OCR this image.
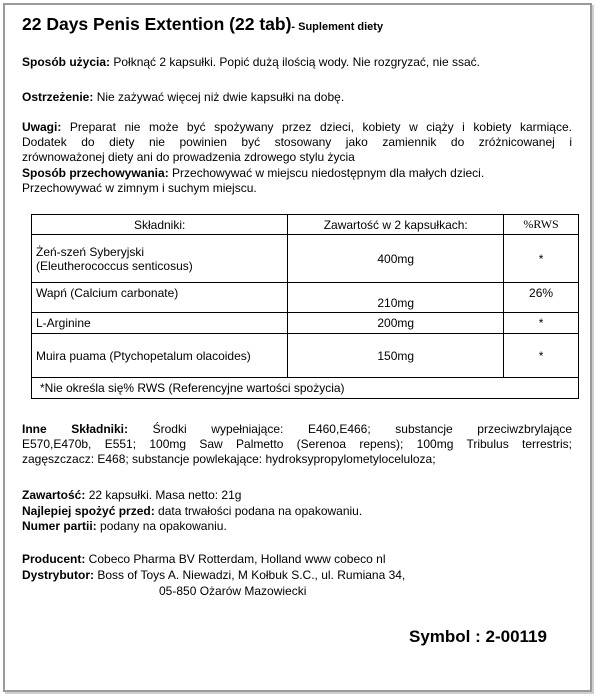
22 Days Penis Extention (22 tab)- Suplement diety
Sposób użycia: Połknąć 2 kapsułki. Popić dużą ilością wody. Nie rozgryzać, nie ssać.
Ostrzeżenie: Nie zażywać więcej niż dwie kapsułki na dobę.
Uwagi: Preparat nie może być spożywany przez dzieci, kobiety w ciąży i kobiety karmiące.
Dodatek do diety nie powinien być stosowany jako zamiennik do zróżnicowanej i
zrównoważonej diety ani do prowadzenia zdrowego stylu życia
Sposób przechowywania: Przechowywać w miejscu niedostępnym dla małych dzieci.
Przechowywać w zimnym i suchym miejscu.
Składniki:	Zawartość w 2 kapsułkach:	%RWS

Żeń-szeń Syberyjski
(Eleutherococcus senticosus)	400mg	*
Wapń (Calcium carbonate)	210mg	26%
L-Arginine	200mg	*
Muira puama (Ptychopetalum olacoides)	150mg	*
*Nie określa się% RWS (Referencyjne wartości spożycia)		
Inne Składniki: Środki wypełniające: E460,E466; substancje przeciwzbrylające
E570,E470b, E551; 100mg Saw Palmetto (Serenoa repens); 100mg Tribulus terrestris;
zagęszczacz: E468; substancje powlekające: hydroksypropylometyloceluloza;
Zawartość: 22 kapsułki. Masa netto: 21g
Najlepiej spożyć przed: data trwałości podana na opakowaniu.
Numer partii: podany na opakowaniu.
Producent: Cobeco Pharma BV Rotterdam, Holland www cobeco nl
Dystrybutor: Boss of Toys A. Niewadzi, M Kołbuk S.C., ul. Rumiana 34,
05-850 Ożarów Mazowiecki
Symbol : 2-00119
